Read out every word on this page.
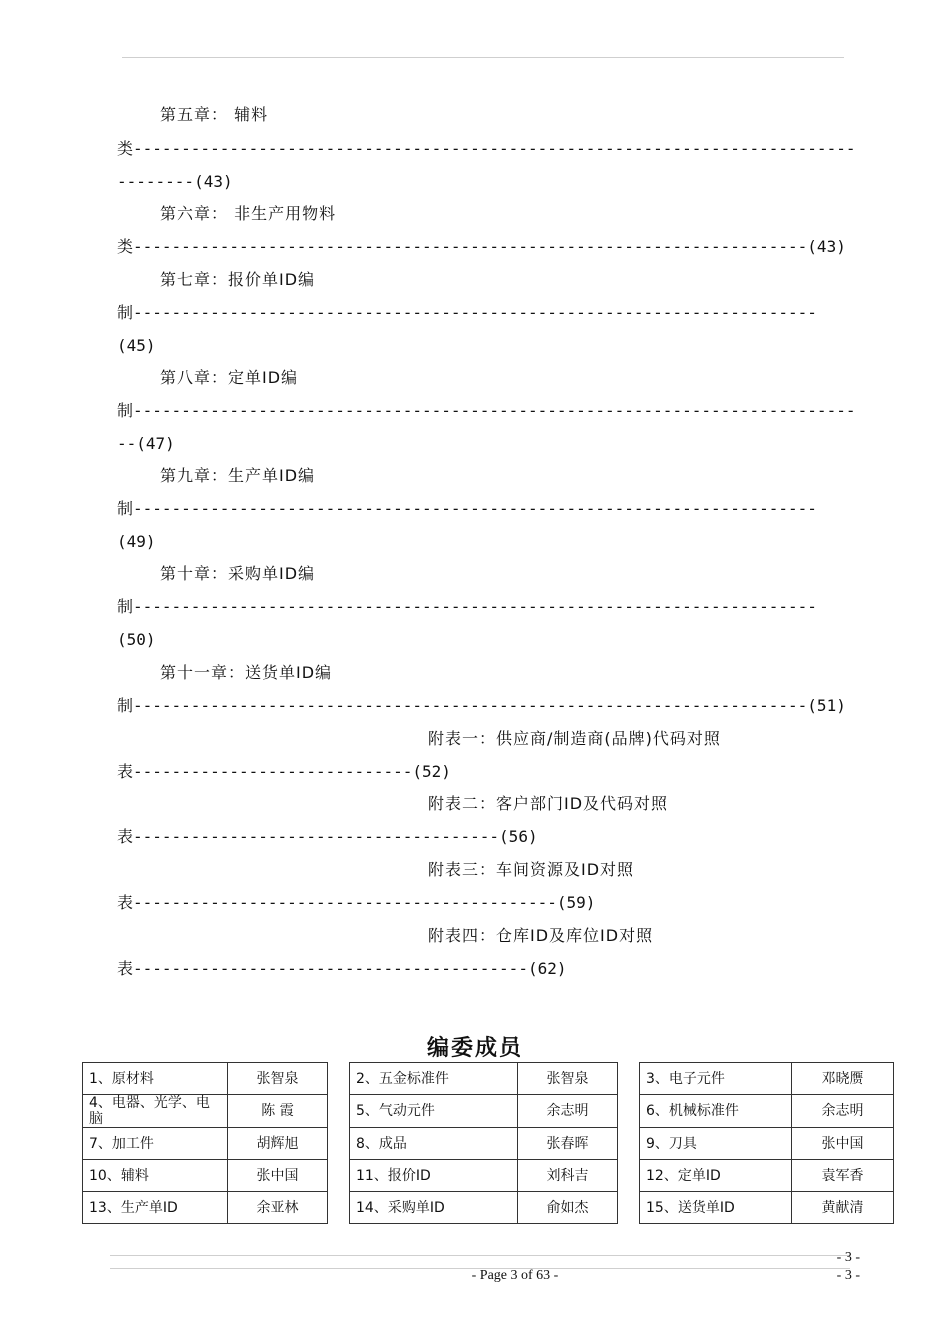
第五章： 辅料
类---------------------------------------------------------------------------
--------(43)
第六章： 非生产用物料
类----------------------------------------------------------------------(43)
第七章：报价单ID编
制-----------------------------------------------------------------------
(45)
第八章：定单ID编
制---------------------------------------------------------------------------
--(47)
第九章：生产单ID编
制-----------------------------------------------------------------------
(49)
第十章：采购单ID编
制-----------------------------------------------------------------------
(50)
第十一章：送货单ID编
制----------------------------------------------------------------------(51)
附表一：供应商/制造商(品牌)代码对照
表-----------------------------(52)
附表二：客户部门ID及代码对照
表--------------------------------------(56)
附表三：车间资源及ID对照
表--------------------------------------------(59)
附表四：仓库ID及库位ID对照
表-----------------------------------------(62)
编委成员
1、原材料	张智泉		2、五金标准件	张智泉		3、电子元件	邓晓赝
4、电器、光学、电脑	陈 霞		5、气动元件	余志明		6、机械标准件	余志明
7、加工件	胡辉旭		8、成品	张春晖		9、刀具	张中国
10、辅料	张中国		11、报价ID	刘科吉		12、定单ID	袁军香
13、生产单ID	余亚林		14、采购单ID	俞如杰		15、送货单ID	黄献清
- 3 -
- Page 3 of 63 -	- 3 -
